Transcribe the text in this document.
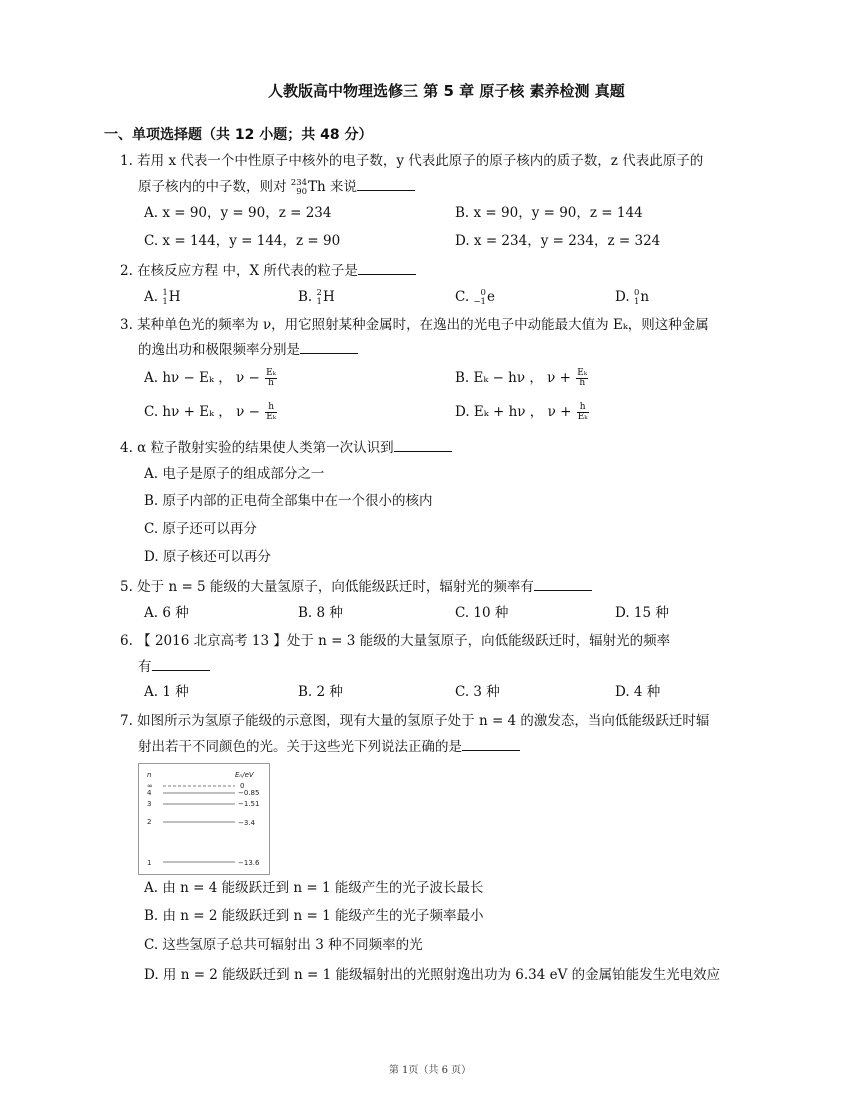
人教版高中物理选修三 第 5 章 原子核 素养检测 真题
一、单项选择题（共 12 小题；共 48 分）
1. 若用 x 代表一个中性原子中核外的电子数，y 代表此原子的原子核内的质子数，z 代表此原子的
原子核内的中子数，则对 234
90 Th 来说
A. x = 90，y = 90，z = 234	B. x = 90，y = 90，z = 144
C. x = 144，y = 144，z = 90	D. x = 234，y = 234，z = 324
2. 在核反应方程 中，X 所代表的粒子是
A. 1
1 H	B. 2
1 H	C. 0
−1 e	D. 0
1 n
3. 某种单色光的频率为 ν，用它照射某种金属时，在逸出的光电子中动能最大值为 Eₖ，则这种金属
的逸出功和极限频率分别是
A. hν − Eₖ ， $\nu - \frac{\text{Eₖ}}{h}$	B. Eₖ − hν ， $\nu + \frac{\text{Eₖ}}{h}$
C. hν + Eₖ ， $\nu - \frac{h}{\text{Eₖ}}$	D. Eₖ + hν ， $\nu + \frac{h}{\text{Eₖ}}$
4. α 粒子散射实验的结果使人类第一次认识到
A. 电子是原子的组成部分之一
B. 原子内部的正电荷全部集中在一个很小的核内
C. 原子还可以再分
D. 原子核还可以再分
5. 处于 n = 5 能级的大量氢原子，向低能级跃迁时，辐射光的频率有
A. 6 种	B. 8 种	C. 10 种	D. 15 种
6. 【 2016 北京高考 13 】处于 n = 3 能级的大量氢原子，向低能级跃迁时，辐射光的频率
有
A. 1 种	B. 2 种	C. 3 种	D. 4 种
7. 如图所示为氢原子能级的示意图，现有大量的氢原子处于 n = 4 的激发态，当向低能级跃迁时辐
射出若干不同颜色的光。关于这些光下列说法正确的是
n	Eₙ/eV
∞	0
4	−0.85
3	−1.51
2	−3.4
1	−13.6
A. 由 n = 4 能级跃迁到 n = 1 能级产生的光子波长最长
B. 由 n = 2 能级跃迁到 n = 1 能级产生的光子频率最小
C. 这些氢原子总共可辐射出 3 种不同频率的光
D. 用 n = 2 能级跃迁到 n = 1 能级辐射出的光照射逸出功为 6.34 eV 的金属铂能发生光电效应
第 1页（共 6 页）
